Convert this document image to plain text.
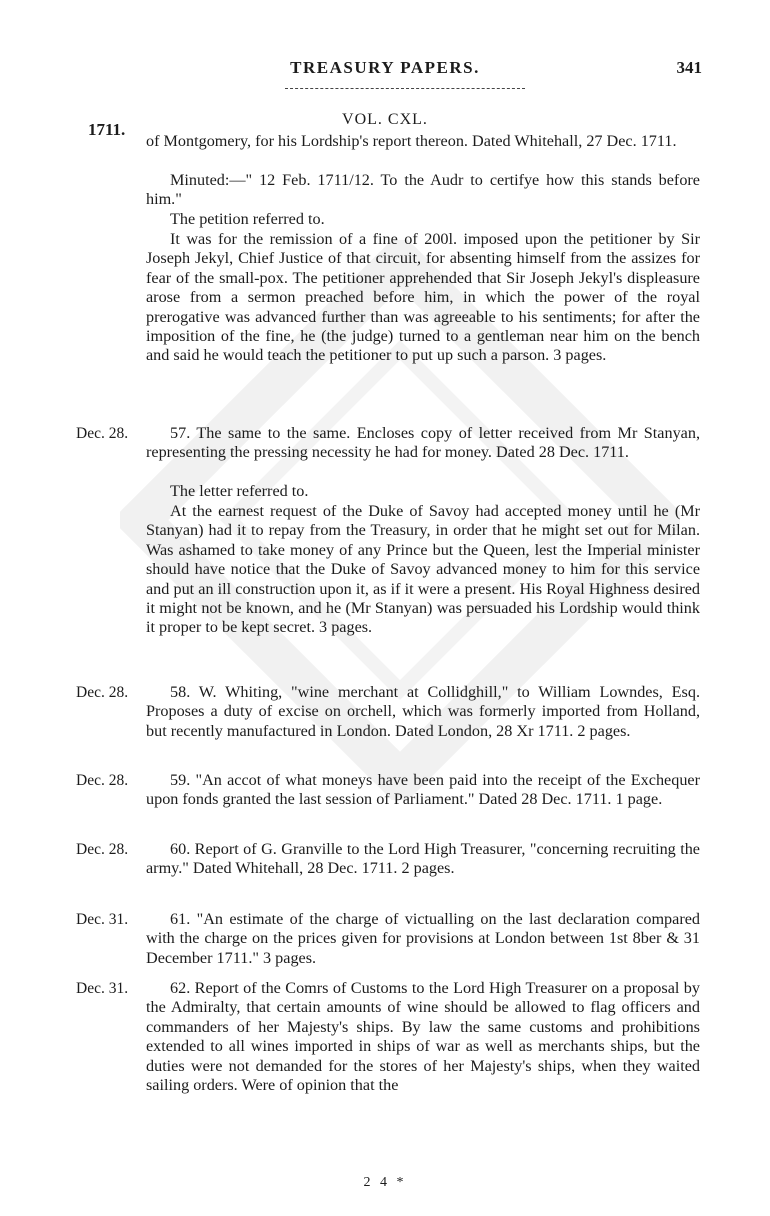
TREASURY PAPERS.	341
VOL. CXL.
1711.

of Montgomery, for his Lordship's report thereon. Dated Whitehall, 27 Dec. 1711.

Minuted:—" 12 Feb. 1711/12. To the Audr to certifye how this stands before him."

The petition referred to.

It was for the remission of a fine of 200l. imposed upon the petitioner by Sir Joseph Jekyl, Chief Justice of that circuit, for absenting himself from the assizes for fear of the small-pox. The petitioner apprehended that Sir Joseph Jekyl's displeasure arose from a sermon preached before him, in which the power of the royal prerogative was advanced further than was agreeable to his sentiments; for after the imposition of the fine, he (the judge) turned to a gentleman near him on the bench and said he would teach the petitioner to put up such a parson. 3 pages.

Dec. 28.	57. The same to the same. Encloses copy of letter received from Mr Stanyan, representing the pressing necessity he had for money. Dated 28 Dec. 1711.

The letter referred to.

At the earnest request of the Duke of Savoy had accepted money until he (Mr Stanyan) had it to repay from the Treasury, in order that he might set out for Milan. Was ashamed to take money of any Prince but the Queen, lest the Imperial minister should have notice that the Duke of Savoy advanced money to him for this service and put an ill construction upon it, as if it were a present. His Royal Highness desired it might not be known, and he (Mr Stanyan) was persuaded his Lordship would think it proper to be kept secret. 3 pages.

Dec. 28.	58. W. Whiting, "wine merchant at Collidghill," to William Lowndes, Esq. Proposes a duty of excise on orchell, which was formerly imported from Holland, but recently manufactured in London. Dated London, 28 Xr 1711. 2 pages.

Dec. 28.	59. "An accot of what moneys have been paid into the receipt of the Exchequer upon fonds granted the last session of Parliament." Dated 28 Dec. 1711. 1 page.

Dec. 28.	60. Report of G. Granville to the Lord High Treasurer, "concerning recruiting the army." Dated Whitehall, 28 Dec. 1711. 2 pages.

Dec. 31.	61. "An estimate of the charge of victualling on the last declaration compared with the charge on the prices given for provisions at London between 1st 8ber & 31 December 1711." 3 pages.

Dec. 31.	62. Report of the Comrs of Customs to the Lord High Treasurer on a proposal by the Admiralty, that certain amounts of wine should be allowed to flag officers and commanders of her Majesty's ships. By law the same customs and prohibitions extended to all wines imported in ships of war as well as merchants ships, but the duties were not demanded for the stores of her Majesty's ships, when they waited sailing orders. Were of opinion that the

2 4 *
